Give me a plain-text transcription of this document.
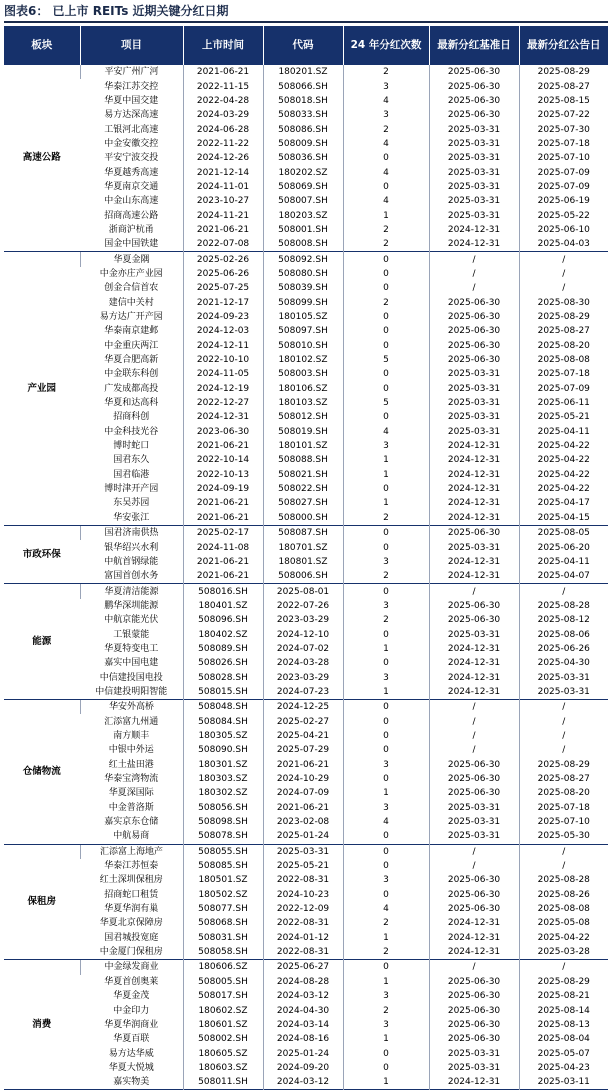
图表6： 已上市 REITs 近期关键分红日期
板块	项目	上市时间	代码	24 年分红次数	最新分红基准日	最新分红公告日
高速公路	平安广州广河	2021-06-21	180201.SZ	2	2025-06-30	2025-08-29
	华泰江苏交控	2022-11-15	508066.SH	3	2025-06-30	2025-08-27
	华夏中国交建	2022-04-28	508018.SH	4	2025-06-30	2025-08-15
	易方达深高速	2024-03-29	508033.SH	3	2025-06-30	2025-07-22
	工银河北高速	2024-06-28	508086.SH	2	2025-03-31	2025-07-30
	中金安徽交控	2022-11-22	508009.SH	4	2025-03-31	2025-07-18
	平安宁波交投	2024-12-26	508036.SH	0	2025-03-31	2025-07-10
	华夏越秀高速	2021-12-14	180202.SZ	4	2025-03-31	2025-07-09
	华夏南京交通	2024-11-01	508069.SH	0	2025-03-31	2025-07-09
	中金山东高速	2023-10-27	508007.SH	4	2025-03-31	2025-06-19
	招商高速公路	2024-11-21	180203.SZ	1	2025-03-31	2025-05-22
	浙商沪杭甬	2021-06-21	508001.SH	2	2024-12-31	2025-06-10
	国金中国铁建	2022-07-08	508008.SH	2	2024-12-31	2025-04-03
产业园	华夏金隅	2025-02-26	508092.SH	0	/	/
	中金亦庄产业园	2025-06-26	508080.SH	0	/	/
	创金合信首农	2025-07-25	508039.SH	0	/	/
	建信中关村	2021-12-17	508099.SH	2	2025-06-30	2025-08-30
	易方达广开产园	2024-09-23	180105.SZ	0	2025-06-30	2025-08-29
	华泰南京建邺	2024-12-03	508097.SH	0	2025-06-30	2025-08-27
	中金重庆两江	2024-12-11	508010.SH	0	2025-06-30	2025-08-20
	华夏合肥高新	2022-10-10	180102.SZ	5	2025-06-30	2025-08-08
	中金联东科创	2024-11-05	508003.SH	0	2025-03-31	2025-07-18
	广发成都高投	2024-12-19	180106.SZ	0	2025-03-31	2025-07-09
	华夏和达高科	2022-12-27	180103.SZ	5	2025-03-31	2025-06-11
	招商科创	2024-12-31	508012.SH	0	2025-03-31	2025-05-21
	中金科技光谷	2023-06-30	508019.SH	4	2025-03-31	2025-04-11
	博时蛇口	2021-06-21	180101.SZ	3	2024-12-31	2025-04-22
	国君东久	2022-10-14	508088.SH	1	2024-12-31	2025-04-22
	国君临港	2022-10-13	508021.SH	1	2024-12-31	2025-04-22
	博时津开产园	2024-09-19	508022.SH	0	2024-12-31	2025-04-22
	东吴苏园	2021-06-21	508027.SH	1	2024-12-31	2025-04-17
	华安张江	2021-06-21	508000.SH	2	2024-12-31	2025-04-15
市政环保	国君济南供热	2025-02-17	508087.SH	0	2025-06-30	2025-08-05
	银华绍兴水利	2024-11-08	180701.SZ	0	2025-03-31	2025-06-20
	中航首钢绿能	2021-06-21	180801.SZ	3	2024-12-31	2025-04-11
	富国首创水务	2021-06-21	508006.SH	2	2024-12-31	2025-04-07
能源	华夏清洁能源	508016.SH	2025-08-01	0	/	/
	鹏华深圳能源	180401.SZ	2022-07-26	3	2025-06-30	2025-08-28
	中航京能光伏	508096.SH	2023-03-29	2	2025-06-30	2025-08-12
	工银蒙能	180402.SZ	2024-12-10	0	2025-03-31	2025-08-06
	华夏特变电工	508089.SH	2024-07-02	1	2024-12-31	2025-06-26
	嘉实中国电建	508026.SH	2024-03-28	0	2024-12-31	2025-04-30
	中信建投国电投	508028.SH	2023-03-29	3	2024-12-31	2025-03-31
	中信建投明阳智能	508015.SH	2024-07-23	1	2024-12-31	2025-03-31
仓储物流	华安外高桥	508048.SH	2024-12-25	0	/	/
	汇添富九州通	508084.SH	2025-02-27	0	/	/
	南方顺丰	180305.SZ	2025-04-21	0	/	/
	中银中外运	508090.SH	2025-07-29	0	/	/
	红土盐田港	180301.SZ	2021-06-21	3	2025-06-30	2025-08-29
	华泰宝湾物流	180303.SZ	2024-10-29	0	2025-06-30	2025-08-27
	华夏深国际	180302.SZ	2024-07-09	1	2025-06-30	2025-08-20
	中金普洛斯	508056.SH	2021-06-21	3	2025-03-31	2025-07-18
	嘉实京东仓储	508098.SH	2023-02-08	4	2025-03-31	2025-07-10
	中航易商	508078.SH	2025-01-24	0	2025-03-31	2025-05-30
保租房	汇添富上海地产	508055.SH	2025-03-31	0	/	/
	华泰江苏恒泰	508085.SH	2025-05-21	0	/	/
	红土深圳保租房	180501.SZ	2022-08-31	3	2025-06-30	2025-08-28
	招商蛇口租赁	180502.SZ	2024-10-23	0	2025-06-30	2025-08-26
	华夏华润有巢	508077.SH	2022-12-09	4	2025-06-30	2025-08-08
	华夏北京保障房	508068.SH	2022-08-31	2	2024-12-31	2025-05-08
	国君城投宽庭	508031.SH	2024-01-12	1	2024-12-31	2025-04-22
	中金厦门保租房	508058.SH	2022-08-31	2	2024-12-31	2025-03-28
消费	中金绿发商业	180606.SZ	2025-06-27	0	/	/
	华夏首创奥莱	508005.SH	2024-08-28	1	2025-06-30	2025-08-29
	华夏金茂	508017.SH	2024-03-12	3	2025-06-30	2025-08-21
	中金印力	180602.SZ	2024-04-30	2	2025-06-30	2025-08-14
	华夏华润商业	180601.SZ	2024-03-14	3	2025-06-30	2025-08-13
	华夏百联	508002.SH	2024-08-16	1	2025-06-30	2025-08-04
	易方达华威	180605.SZ	2025-01-24	0	2025-03-31	2025-05-07
	华夏大悦城	180603.SZ	2024-09-20	0	2025-03-31	2025-04-23
	嘉实物美	508011.SH	2024-03-12	1	2024-12-31	2025-03-11
